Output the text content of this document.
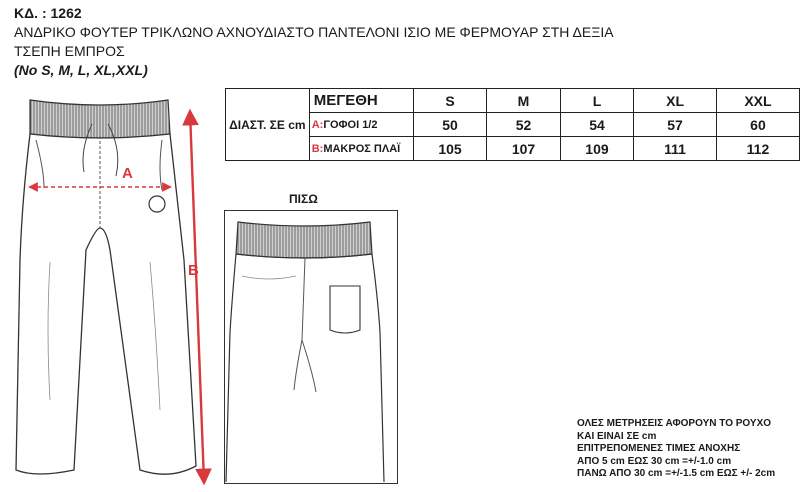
ΚΔ. : 1262
ΑΝΔΡΙΚΟ ΦΟΥΤΕΡ ΤΡΙΚΛΩΝΟ ΑΧΝΟΥΔΙΑΣΤΟ ΠΑΝΤΕΛΟΝΙ ΙΣΙΟ ΜΕ ΦΕΡΜΟΥΑΡ ΣΤΗ ΔΕΞΙΑ
ΤΣΕΠΗ ΕΜΠΡΟΣ
(No S, M, L, XL,XXL)
ΔΙΑΣΤ. ΣΕ cm	ΜΕΓΕΘΗ	S	M	L	XL	XXL
	A:ΓΟΦΟΙ 1/2	50	52	54	57	60
	B:ΜΑΚΡΟΣ ΠΛΑΪ	105	107	109	111	112
A
B
ΠΙΣΩ
ΟΛΕΣ ΜΕΤΡΗΣΕΙΣ ΑΦΟΡΟΥΝ ΤΟ ΡΟΥΧΟ
ΚΑΙ ΕΙΝΑΙ ΣΕ cm
ΕΠΙΤΡΕΠΟΜΕΝΕΣ ΤΙΜΕΣ ΑΝΟΧΗΣ
ΑΠΟ 5 cm ΕΩΣ 30 cm =+/-1.0 cm
ΠΑΝΩ ΑΠΟ 30 cm =+/-1.5 cm ΕΩΣ +/- 2cm
